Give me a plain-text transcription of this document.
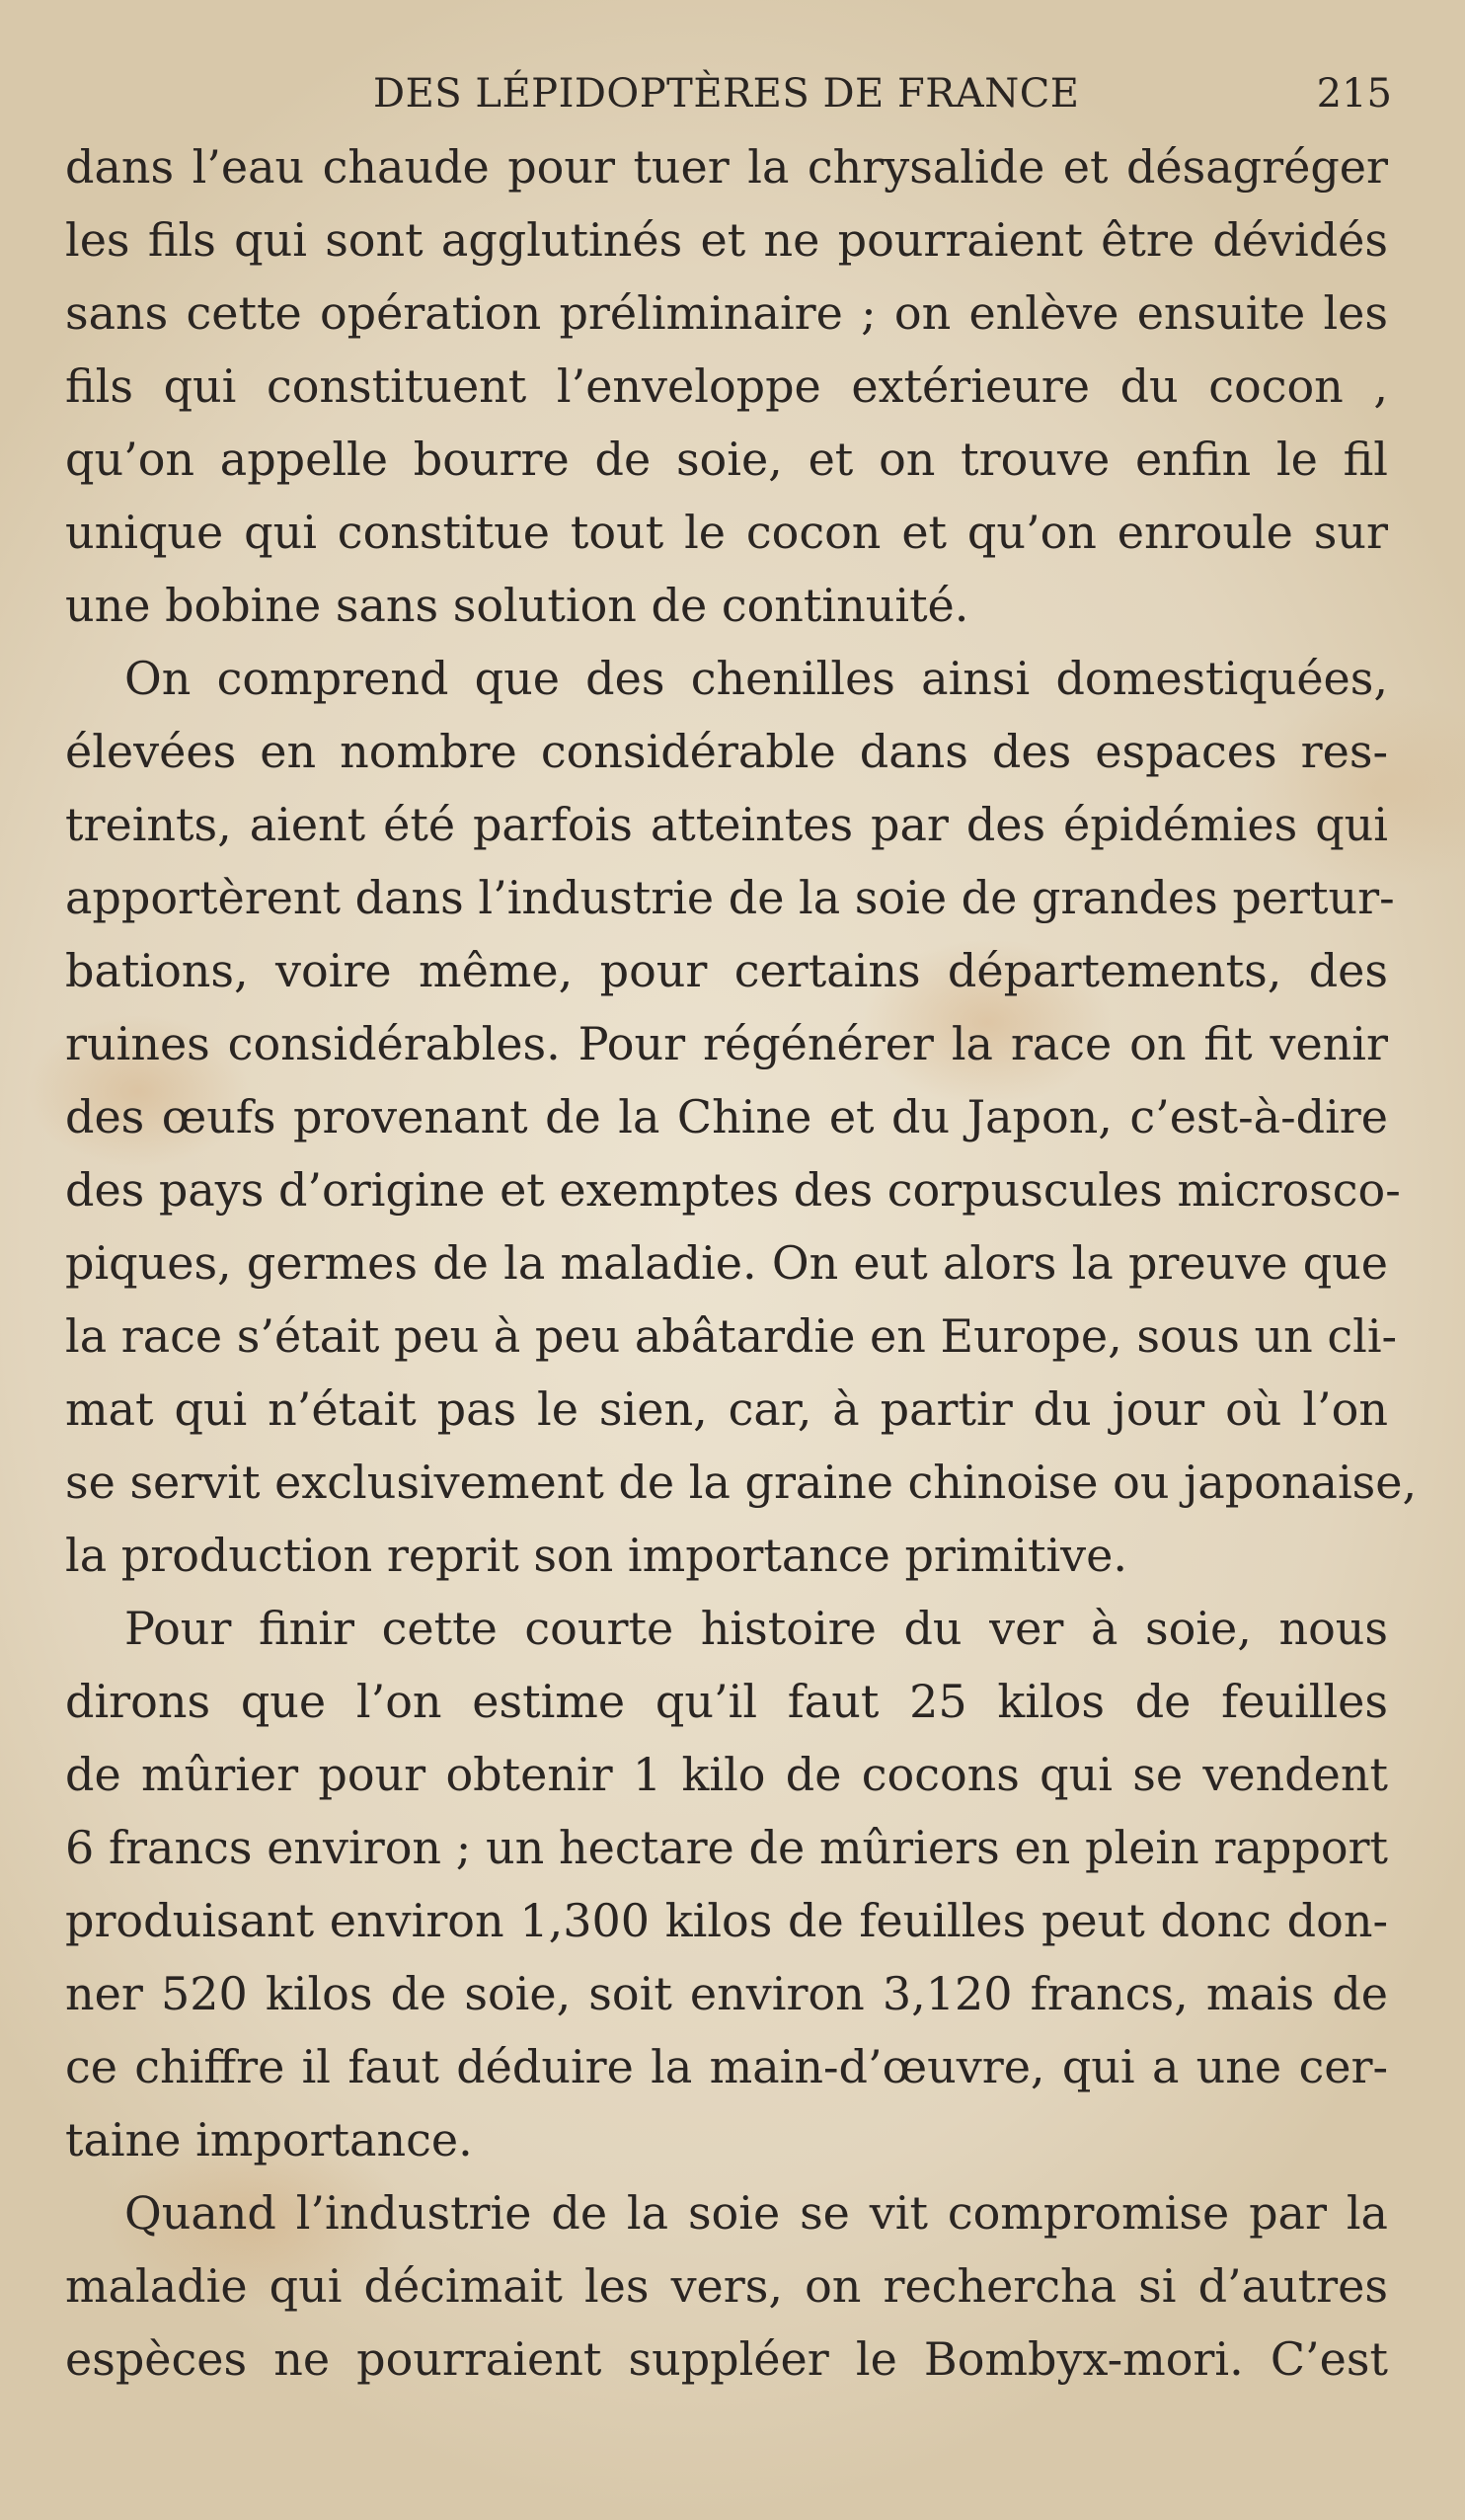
DES LÉPIDOPTÈRES DE FRANCE	215
dans l’eau chaude pour tuer la chrysalide et désagréger
les fils qui sont agglutinés et ne pourraient être dévidés
sans cette opération préliminaire ; on enlève ensuite les
fils qui constituent l’enveloppe extérieure du cocon ,
qu’on appelle bourre de soie, et on trouve enfin le fil
unique qui constitue tout le cocon et qu’on enroule sur
une bobine sans solution de continuité.
On comprend que des chenilles ainsi domestiquées,
élevées en nombre considérable dans des espaces res-
treints, aient été parfois atteintes par des épidémies qui
apportèrent dans l’industrie de la soie de grandes pertur-
bations, voire même, pour certains départements, des
ruines considérables. Pour régénérer la race on fit venir
des œufs provenant de la Chine et du Japon, c’est-à-dire
des pays d’origine et exemptes des corpuscules microsco-
piques, germes de la maladie. On eut alors la preuve que
la race s’était peu à peu abâtardie en Europe, sous un cli-
mat qui n’était pas le sien, car, à partir du jour où l’on
se servit exclusivement de la graine chinoise ou japonaise,
la production reprit son importance primitive.
Pour finir cette courte histoire du ver à soie, nous
dirons que l’on estime qu’il faut 25 kilos de feuilles
de mûrier pour obtenir 1 kilo de cocons qui se vendent
6 francs environ ; un hectare de mûriers en plein rapport
produisant environ 1,300 kilos de feuilles peut donc don-
ner 520 kilos de soie, soit environ 3,120 francs, mais de
ce chiffre il faut déduire la main-d’œuvre, qui a une cer-
taine importance.
Quand l’industrie de la soie se vit compromise par la
maladie qui décimait les vers, on rechercha si d’autres
espèces ne pourraient suppléer le Bombyx-mori. C’est
